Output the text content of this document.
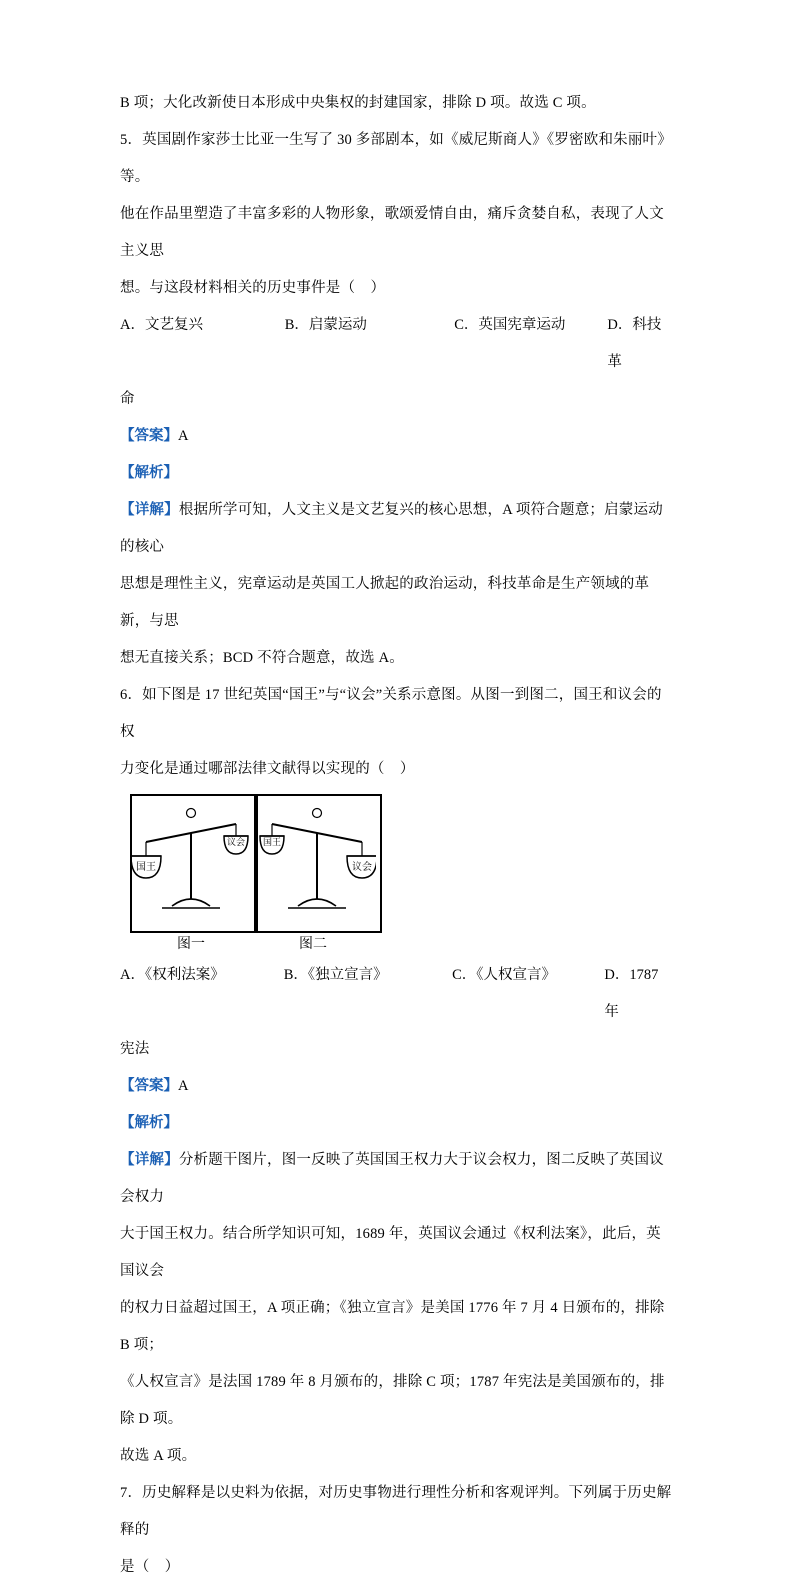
B 项；大化改新使日本形成中央集权的封建国家，排除 D 项。故选 C 项。
5．英国剧作家莎士比亚一生写了 30 多部剧本，如《威尼斯商人》《罗密欧和朱丽叶》等。
他在作品里塑造了丰富多彩的人物形象，歌颂爱情自由，痛斥贪婪自私，表现了人文主义思
想。与这段材料相关的历史事件是（    ）
A．文艺复兴	B．启蒙运动	C．英国宪章运动	D．科技革
命
【答案】A
【解析】
【详解】根据所学可知，人文主义是文艺复兴的核心思想，A 项符合题意；启蒙运动的核心
思想是理性主义，宪章运动是英国工人掀起的政治运动，科技革命是生产领域的革新，与思
想无直接关系；BCD 不符合题意，故选 A。
6．如下图是 17 世纪英国“国王”与“议会”关系示意图。从图一到图二，国王和议会的权
力变化是通过哪部法律文献得以实现的（    ）
国王
议会 国王
议会
图一	图二
A．《权利法案》	B．《独立宣言》	C．《人权宣言》	D．1787 年
宪法
【答案】A
【解析】
【详解】分析题干图片，图一反映了英国国王权力大于议会权力，图二反映了英国议会权力
大于国王权力。结合所学知识可知，1689 年，英国议会通过《权利法案》，此后，英国议会
的权力日益超过国王，A 项正确；《独立宣言》是美国 1776 年 7 月 4 日颁布的，排除 B 项；
《人权宣言》是法国 1789 年 8 月颁布的，排除 C 项；1787 年宪法是美国颁布的，排除 D 项。
故选 A 项。
7．历史解释是以史料为依据，对历史事物进行理性分析和客观评判。下列属于历史解释的
是（    ）
